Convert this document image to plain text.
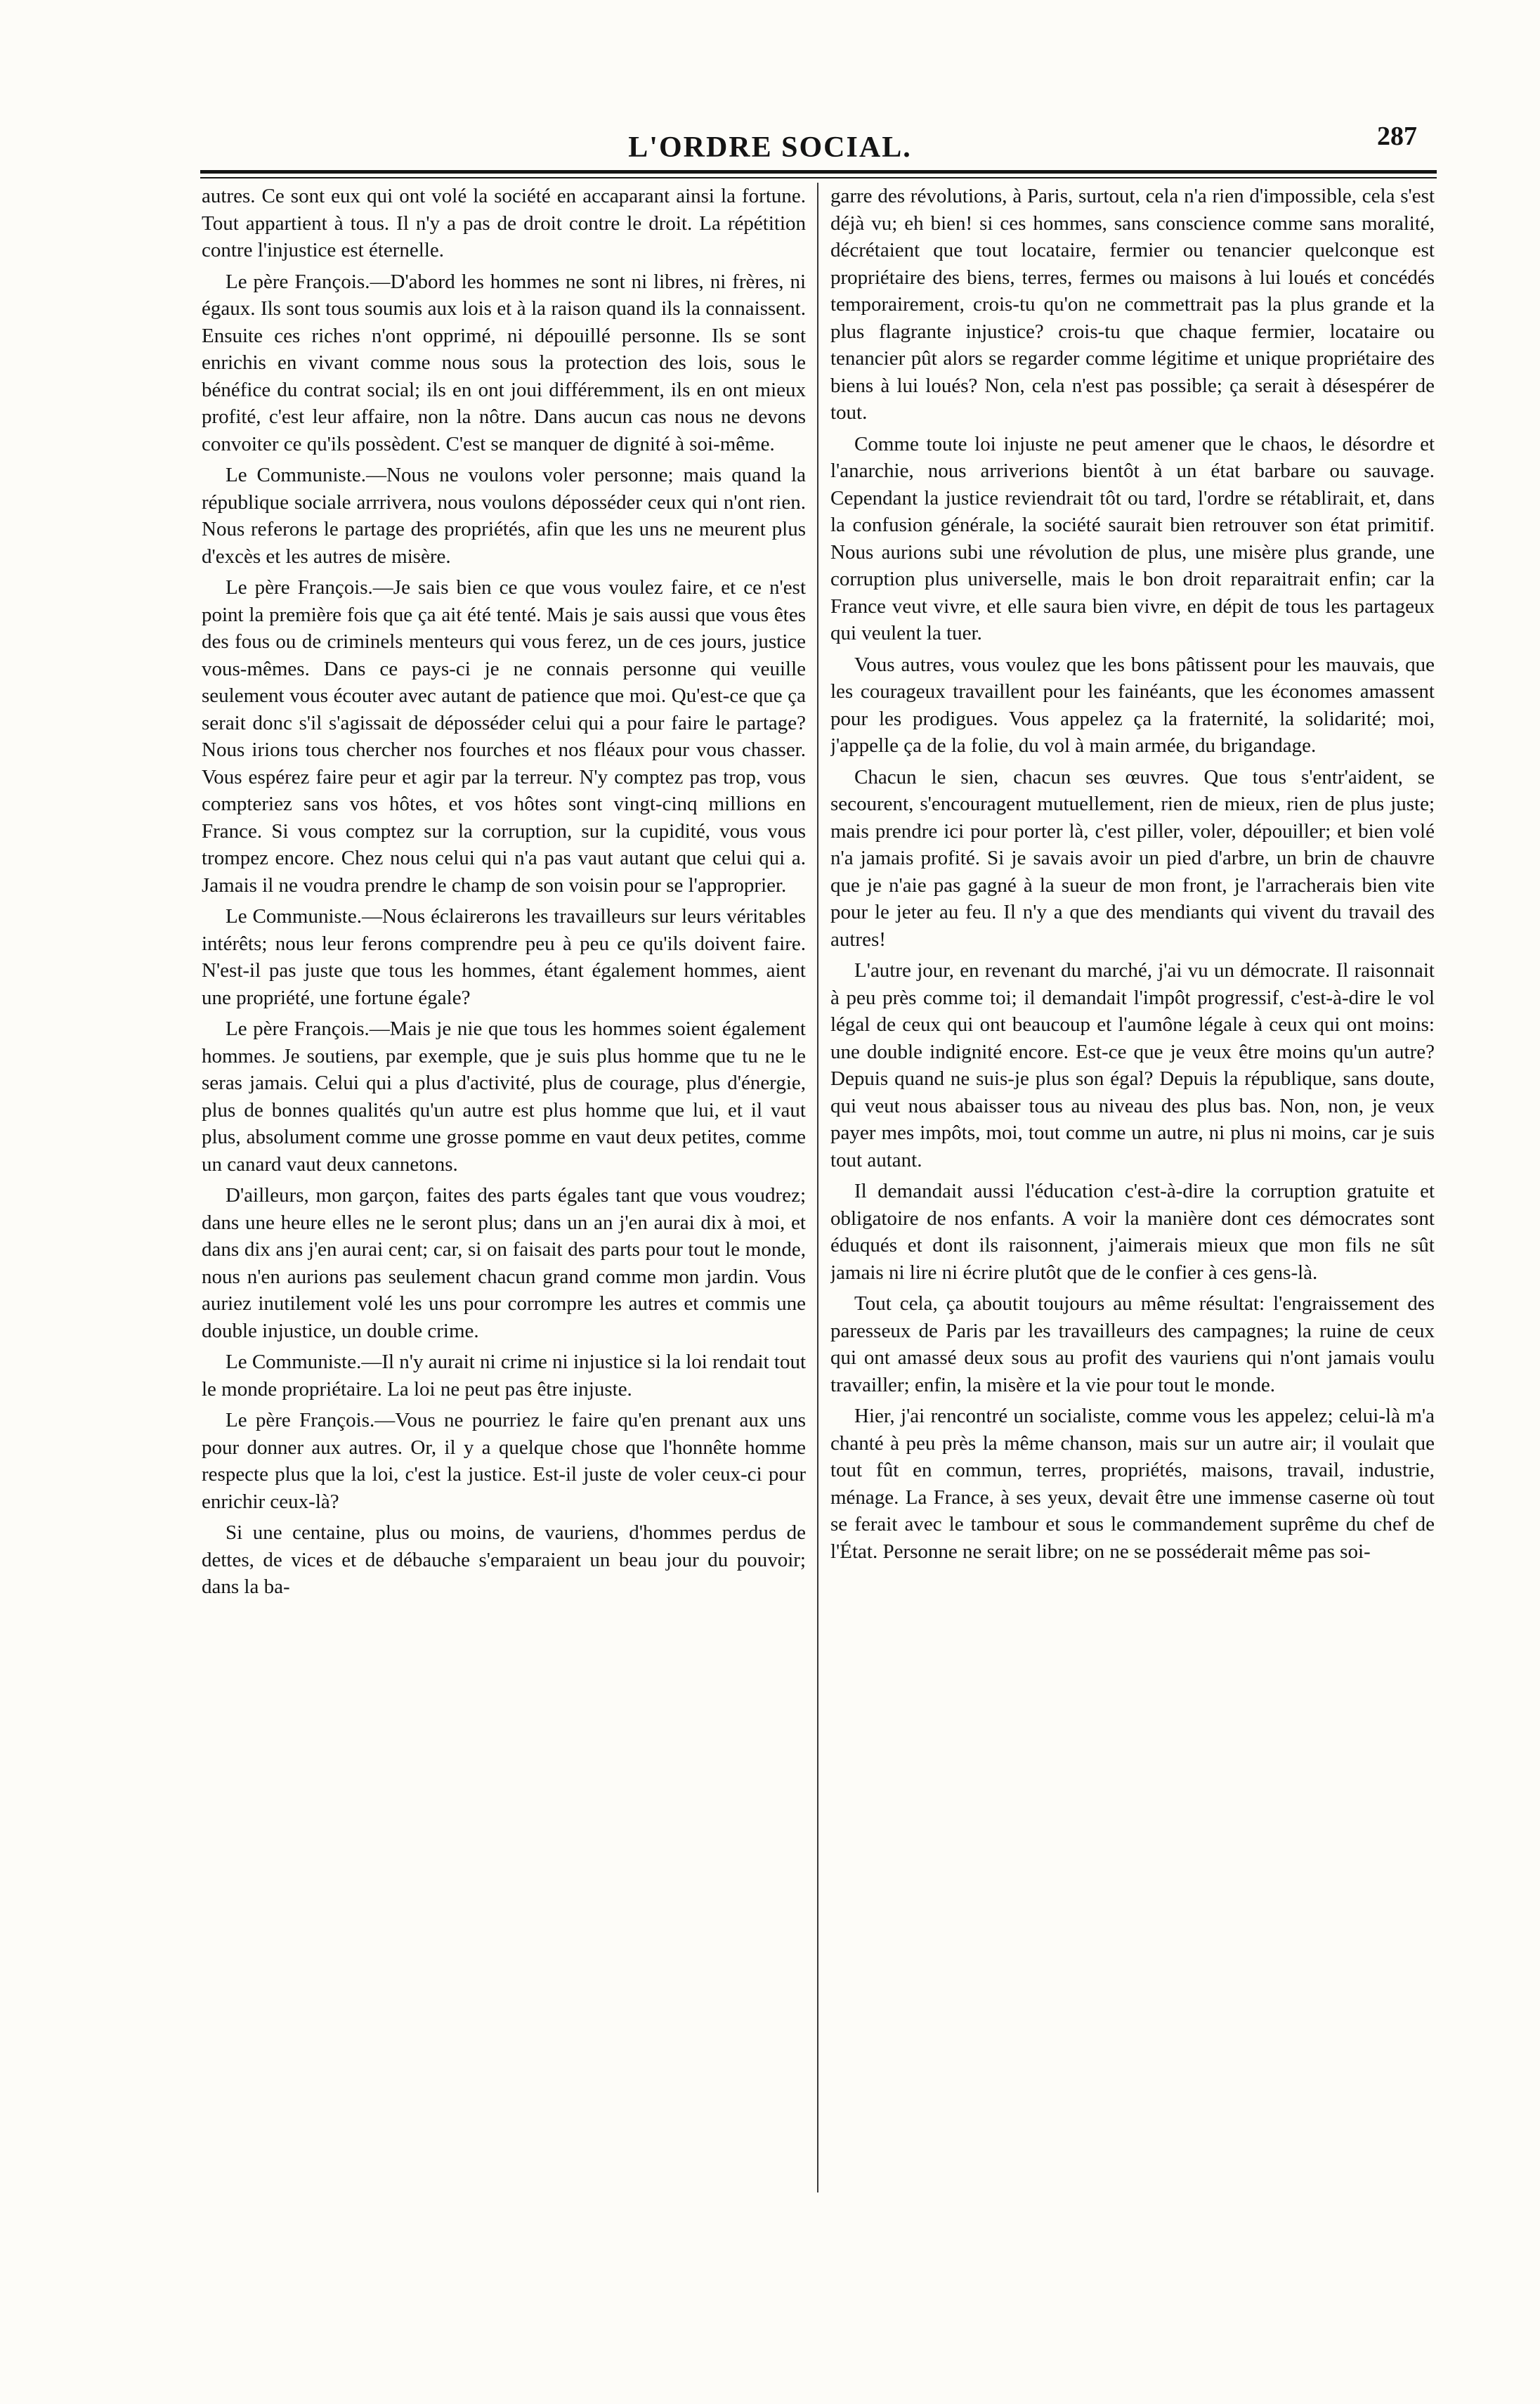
L'ORDRE SOCIAL.	287

autres. Ce sont eux qui ont volé la société en accaparant ainsi la fortune. Tout appartient à tous. Il n'y a pas de droit contre le droit. La répétition contre l'injustice est éternelle.

Le père François.—D'abord les hommes ne sont ni libres, ni frères, ni égaux. Ils sont tous soumis aux lois et à la raison quand ils la connaissent. Ensuite ces riches n'ont opprimé, ni dépouillé personne. Ils se sont enrichis en vivant comme nous sous la protection des lois, sous le bénéfice du contrat social; ils en ont joui différemment, ils en ont mieux profité, c'est leur affaire, non la nôtre. Dans aucun cas nous ne devons convoiter ce qu'ils possèdent. C'est se manquer de dignité à soi-même.

Le Communiste.—Nous ne voulons voler personne; mais quand la république sociale arrrivera, nous voulons déposséder ceux qui n'ont rien. Nous referons le partage des propriétés, afin que les uns ne meurent plus d'excès et les autres de misère.

Le père François.—Je sais bien ce que vous voulez faire, et ce n'est point la première fois que ça ait été tenté. Mais je sais aussi que vous êtes des fous ou de criminels menteurs qui vous ferez, un de ces jours, justice vous-mêmes. Dans ce pays-ci je ne connais personne qui veuille seulement vous écouter avec autant de patience que moi. Qu'est-ce que ça serait donc s'il s'agissait de déposséder celui qui a pour faire le partage? Nous irions tous chercher nos fourches et nos fléaux pour vous chasser. Vous espérez faire peur et agir par la terreur. N'y comptez pas trop, vous compteriez sans vos hôtes, et vos hôtes sont vingt-cinq millions en France. Si vous comptez sur la corruption, sur la cupidité, vous vous trompez encore. Chez nous celui qui n'a pas vaut autant que celui qui a. Jamais il ne voudra prendre le champ de son voisin pour se l'approprier.

Le Communiste.—Nous éclairerons les travailleurs sur leurs véritables intérêts; nous leur ferons comprendre peu à peu ce qu'ils doivent faire. N'est-il pas juste que tous les hommes, étant également hommes, aient une propriété, une fortune égale?

Le père François.—Mais je nie que tous les hommes soient également hommes. Je soutiens, par exemple, que je suis plus homme que tu ne le seras jamais. Celui qui a plus d'activité, plus de courage, plus d'énergie, plus de bonnes qualités qu'un autre est plus homme que lui, et il vaut plus, absolument comme une grosse pomme en vaut deux petites, comme un canard vaut deux cannetons.

D'ailleurs, mon garçon, faites des parts égales tant que vous voudrez; dans une heure elles ne le seront plus; dans un an j'en aurai dix à moi, et dans dix ans j'en aurai cent; car, si on faisait des parts pour tout le monde, nous n'en aurions pas seulement chacun grand comme mon jardin. Vous auriez inutilement volé les uns pour corrompre les autres et commis une double injustice, un double crime.

Le Communiste.—Il n'y aurait ni crime ni injustice si la loi rendait tout le monde propriétaire. La loi ne peut pas être injuste.

Le père François.—Vous ne pourriez le faire qu'en prenant aux uns pour donner aux autres. Or, il y a quelque chose que l'honnête homme respecte plus que la loi, c'est la justice. Est-il juste de voler ceux-ci pour enrichir ceux-là?

Si une centaine, plus ou moins, de vauriens, d'hommes perdus de dettes, de vices et de débauche s'emparaient un beau jour du pouvoir; dans la ba-

garre des révolutions, à Paris, surtout, cela n'a rien d'impossible, cela s'est déjà vu; eh bien! si ces hommes, sans conscience comme sans moralité, décrétaient que tout locataire, fermier ou tenancier quelconque est propriétaire des biens, terres, fermes ou maisons à lui loués et concédés temporairement, crois-tu qu'on ne commettrait pas la plus grande et la plus flagrante injustice? crois-tu que chaque fermier, locataire ou tenancier pût alors se regarder comme légitime et unique propriétaire des biens à lui loués? Non, cela n'est pas possible; ça serait à désespérer de tout.

Comme toute loi injuste ne peut amener que le chaos, le désordre et l'anarchie, nous arriverions bientôt à un état barbare ou sauvage. Cependant la justice reviendrait tôt ou tard, l'ordre se rétablirait, et, dans la confusion générale, la société saurait bien retrouver son état primitif. Nous aurions subi une révolution de plus, une misère plus grande, une corruption plus universelle, mais le bon droit reparaitrait enfin; car la France veut vivre, et elle saura bien vivre, en dépit de tous les partageux qui veulent la tuer.

Vous autres, vous voulez que les bons pâtissent pour les mauvais, que les courageux travaillent pour les fainéants, que les économes amassent pour les prodigues. Vous appelez ça la fraternité, la solidarité; moi, j'appelle ça de la folie, du vol à main armée, du brigandage.

Chacun le sien, chacun ses œuvres. Que tous s'entr'aident, se secourent, s'encouragent mutuellement, rien de mieux, rien de plus juste; mais prendre ici pour porter là, c'est piller, voler, dépouiller; et bien volé n'a jamais profité. Si je savais avoir un pied d'arbre, un brin de chauvre que je n'aie pas gagné à la sueur de mon front, je l'arracherais bien vite pour le jeter au feu. Il n'y a que des mendiants qui vivent du travail des autres!

L'autre jour, en revenant du marché, j'ai vu un démocrate. Il raisonnait à peu près comme toi; il demandait l'impôt progressif, c'est-à-dire le vol légal de ceux qui ont beaucoup et l'aumône légale à ceux qui ont moins: une double indignité encore. Est-ce que je veux être moins qu'un autre? Depuis quand ne suis-je plus son égal? Depuis la république, sans doute, qui veut nous abaisser tous au niveau des plus bas. Non, non, je veux payer mes impôts, moi, tout comme un autre, ni plus ni moins, car je suis tout autant.

Il demandait aussi l'éducation c'est-à-dire la corruption gratuite et obligatoire de nos enfants. A voir la manière dont ces démocrates sont éduqués et dont ils raisonnent, j'aimerais mieux que mon fils ne sût jamais ni lire ni écrire plutôt que de le confier à ces gens-là.

Tout cela, ça aboutit toujours au même résultat: l'engraissement des paresseux de Paris par les travailleurs des campagnes; la ruine de ceux qui ont amassé deux sous au profit des vauriens qui n'ont jamais voulu travailler; enfin, la misère et la vie pour tout le monde.

Hier, j'ai rencontré un socialiste, comme vous les appelez; celui-là m'a chanté à peu près la même chanson, mais sur un autre air; il voulait que tout fût en commun, terres, propriétés, maisons, travail, industrie, ménage. La France, à ses yeux, devait être une immense caserne où tout se ferait avec le tambour et sous le commandement suprême du chef de l'État. Personne ne serait libre; on ne se posséderait même pas soi-
